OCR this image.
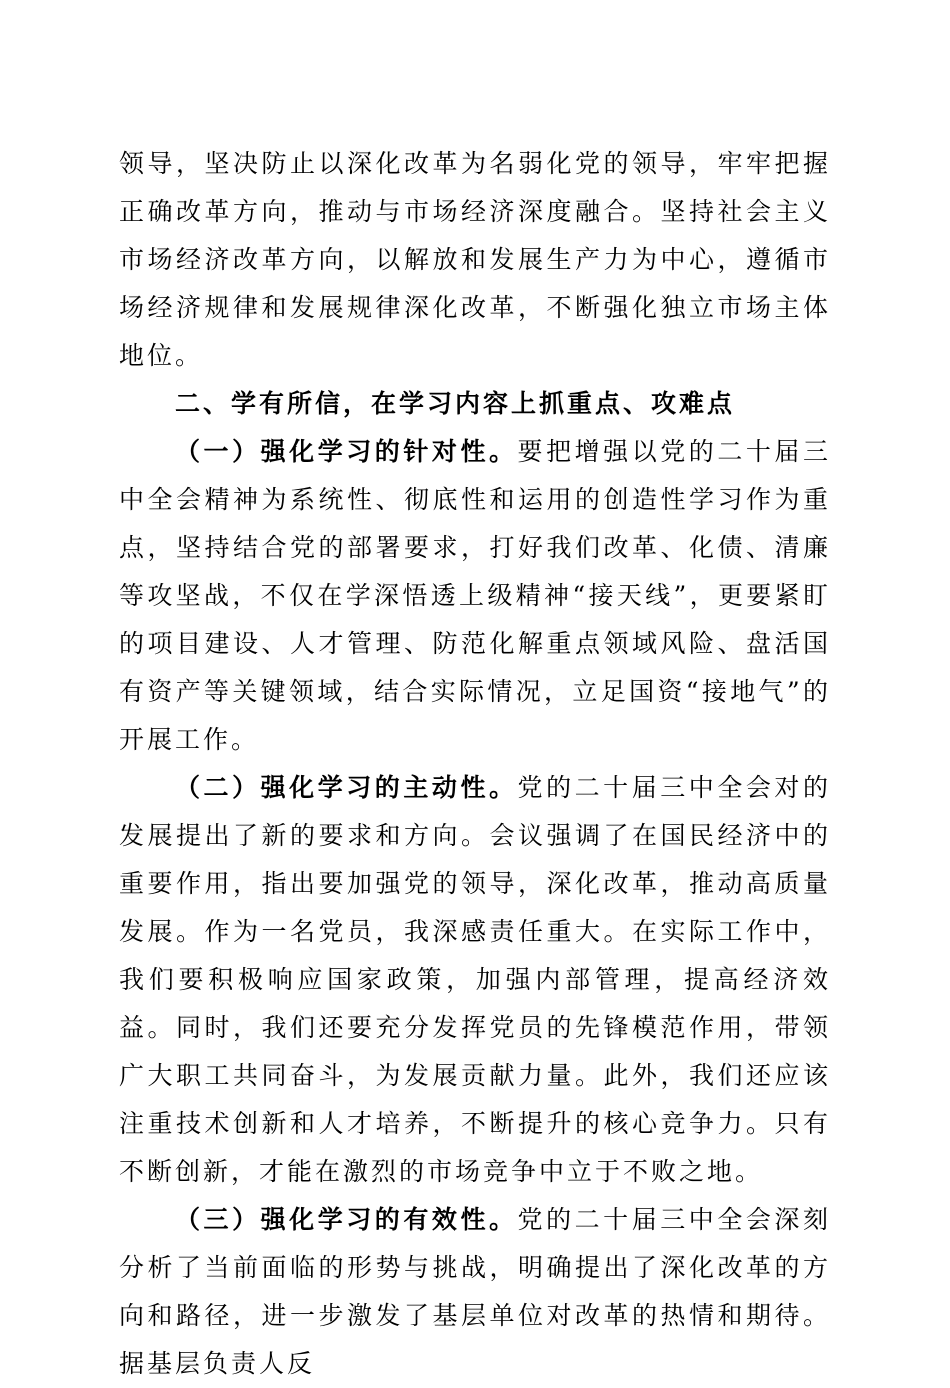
领导，坚决防止以深化改革为名弱化党的领导，牢牢把握正确改革方向，推动与市场经济深度融合。坚持社会主义市场经济改革方向，以解放和发展生产力为中心，遵循市场经济规律和发展规律深化改革，不断强化独立市场主体地位。

二、学有所信，在学习内容上抓重点、攻难点

（一）强化学习的针对性。要把增强以党的二十届三中全会精神为系统性、彻底性和运用的创造性学习作为重点，坚持结合党的部署要求，打好我们改革、化债、清廉等攻坚战，不仅在学深悟透上级精神“接天线”，更要紧盯的项目建设、人才管理、防范化解重点领域风险、盘活国有资产等关键领域，结合实际情况，立足国资“接地气”的开展工作。

（二）强化学习的主动性。党的二十届三中全会对的发展提出了新的要求和方向。会议强调了在国民经济中的重要作用，指出要加强党的领导，深化改革，推动高质量发展。作为一名党员，我深感责任重大。在实际工作中，我们要积极响应国家政策，加强内部管理，提高经济效益。同时，我们还要充分发挥党员的先锋模范作用，带领广大职工共同奋斗，为发展贡献力量。此外，我们还应该注重技术创新和人才培养，不断提升的核心竞争力。只有不断创新，才能在激烈的市场竞争中立于不败之地。

（三）强化学习的有效性。党的二十届三中全会深刻分析了当前面临的形势与挑战，明确提出了深化改革的方向和路径，进一步激发了基层单位对改革的热情和期待。据基层负责人反
